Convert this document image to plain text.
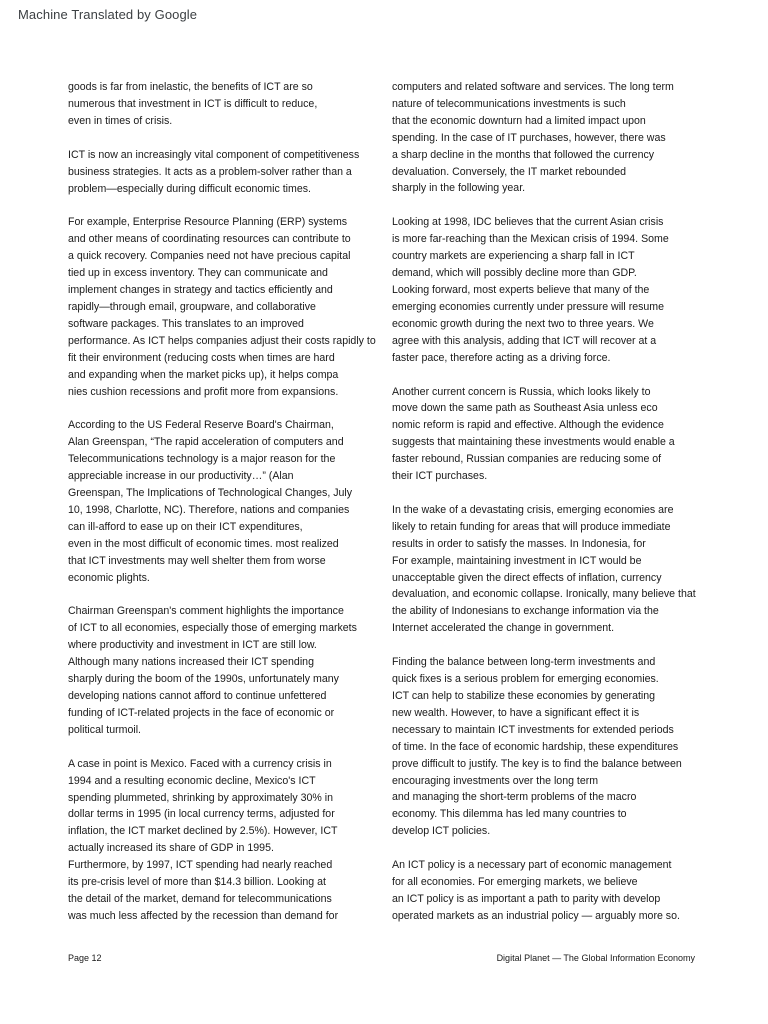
Machine Translated by Google

goods is far from inelastic, the benefits of ICT are so
numerous that investment in ICT is difficult to reduce,
even in times of crisis.

ICT is now an increasingly vital component of competitiveness
business strategies. It acts as a problem-solver rather than a
problem—especially during difficult economic times.

For example, Enterprise Resource Planning (ERP) systems
and other means of coordinating resources can contribute to
a quick recovery. Companies need not have precious capital
tied up in excess inventory. They can communicate and
implement changes in strategy and tactics efficiently and
rapidly—through email, groupware, and collaborative
software packages. This translates to an improved
performance. As ICT helps companies adjust their costs rapidly to
fit their environment (reducing costs when times are hard
and expanding when the market picks up), it helps compa
nies cushion recessions and profit more from expansions.

According to the US Federal Reserve Board's Chairman,
Alan Greenspan, “The rapid acceleration of computers and
Telecommunications technology is a major reason for the
appreciable increase in our productivity…” (Alan
Greenspan, The Implications of Technological Changes, July
10, 1998, Charlotte, NC). Therefore, nations and companies
can ill-afford to ease up on their ICT expenditures,
even in the most difficult of economic times. most realized
that ICT investments may well shelter them from worse
economic plights.

Chairman Greenspan's comment highlights the importance
of ICT to all economies, especially those of emerging markets
where productivity and investment in ICT are still low.
Although many nations increased their ICT spending
sharply during the boom of the 1990s, unfortunately many
developing nations cannot afford to continue unfettered
funding of ICT-related projects in the face of economic or
political turmoil.

A case in point is Mexico. Faced with a currency crisis in
1994 and a resulting economic decline, Mexico's ICT
spending plummeted, shrinking by approximately 30% in
dollar terms in 1995 (in local currency terms, adjusted for
inflation, the ICT market declined by 2.5%). However, ICT
actually increased its share of GDP in 1995.
Furthermore, by 1997, ICT spending had nearly reached
its pre-crisis level of more than $14.3 billion. Looking at
the detail of the market, demand for telecommunications
was much less affected by the recession than demand for

computers and related software and services. The long term
nature of telecommunications investments is such
that the economic downturn had a limited impact upon
spending. In the case of IT purchases, however, there was
a sharp decline in the months that followed the currency
devaluation. Conversely, the IT market rebounded
sharply in the following year.

Looking at 1998, IDC believes that the current Asian crisis
is more far-reaching than the Mexican crisis of 1994. Some
country markets are experiencing a sharp fall in ICT
demand, which will possibly decline more than GDP.
Looking forward, most experts believe that many of the
emerging economies currently under pressure will resume
economic growth during the next two to three years. We
agree with this analysis, adding that ICT will recover at a
faster pace, therefore acting as a driving force.

Another current concern is Russia, which looks likely to
move down the same path as Southeast Asia unless eco
nomic reform is rapid and effective. Although the evidence
suggests that maintaining these investments would enable a
faster rebound, Russian companies are reducing some of
their ICT purchases.

In the wake of a devastating crisis, emerging economies are
likely to retain funding for areas that will produce immediate
results in order to satisfy the masses. In Indonesia, for
For example, maintaining investment in ICT would be
unacceptable given the direct effects of inflation, currency
devaluation, and economic collapse. Ironically, many believe that
the ability of Indonesians to exchange information via the
Internet accelerated the change in government.

Finding the balance between long-term investments and
quick fixes is a serious problem for emerging economies.
ICT can help to stabilize these economies by generating
new wealth. However, to have a significant effect it is
necessary to maintain ICT investments for extended periods
of time. In the face of economic hardship, these expenditures
prove difficult to justify. The key is to find the balance between
encouraging investments over the long term
and managing the short-term problems of the macro
economy. This dilemma has led many countries to
develop ICT policies.

An ICT policy is a necessary part of economic management
for all economies. For emerging markets, we believe
an ICT policy is as important a path to parity with develop
operated markets as an industrial policy — arguably more so.

Page 12	Digital Planet — The Global Information Economy
